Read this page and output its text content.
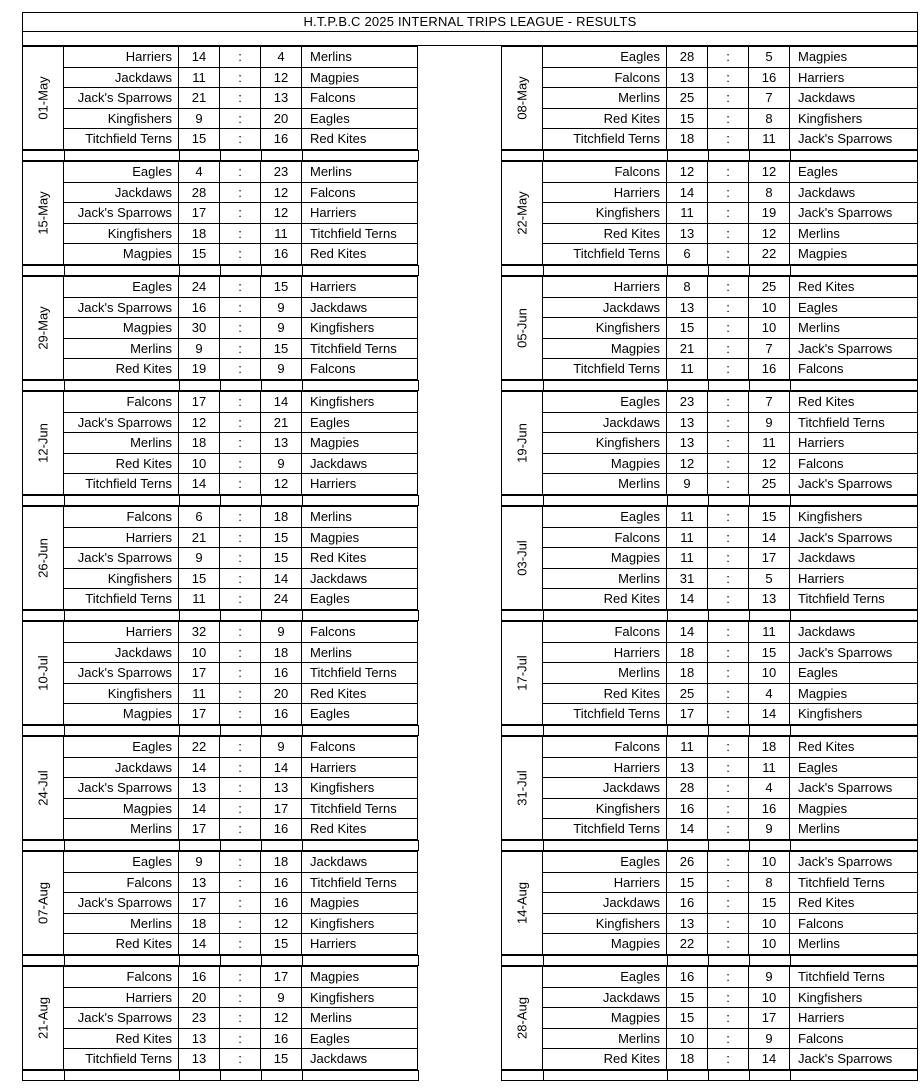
H.T.P.B.C 2025 INTERNAL TRIPS LEAGUE - RESULTS
01-May
Harriers	14	:	4	Merlins
Jackdaws	11	:	12	Magpies
Jack's Sparrows	21	:	13	Falcons
Kingfishers	9	:	20	Eagles
Titchfield Terns	15	:	16	Red Kites
08-May
Eagles	28	:	5	Magpies
Falcons	13	:	16	Harriers
Merlins	25	:	7	Jackdaws
Red Kites	15	:	8	Kingfishers
Titchfield Terns	18	:	11	Jack's Sparrows
15-May
Eagles	4	:	23	Merlins
Jackdaws	28	:	12	Falcons
Jack's Sparrows	17	:	12	Harriers
Kingfishers	18	:	11	Titchfield Terns
Magpies	15	:	16	Red Kites
22-May
Falcons	12	:	12	Eagles
Harriers	14	:	8	Jackdaws
Kingfishers	11	:	19	Jack's Sparrows
Red Kites	13	:	12	Merlins
Titchfield Terns	6	:	22	Magpies
29-May
Eagles	24	:	15	Harriers
Jack's Sparrows	16	:	9	Jackdaws
Magpies	30	:	9	Kingfishers
Merlins	9	:	15	Titchfield Terns
Red Kites	19	:	9	Falcons
05-Jun
Harriers	8	:	25	Red Kites
Jackdaws	13	:	10	Eagles
Kingfishers	15	:	10	Merlins
Magpies	21	:	7	Jack's Sparrows
Titchfield Terns	11	:	16	Falcons
12-Jun
Falcons	17	:	14	Kingfishers
Jack's Sparrows	12	:	21	Eagles
Merlins	18	:	13	Magpies
Red Kites	10	:	9	Jackdaws
Titchfield Terns	14	:	12	Harriers
19-Jun
Eagles	23	:	7	Red Kites
Jackdaws	13	:	9	Titchfield Terns
Kingfishers	13	:	11	Harriers
Magpies	12	:	12	Falcons
Merlins	9	:	25	Jack's Sparrows
26-Jun
Falcons	6	:	18	Merlins
Harriers	21	:	15	Magpies
Jack's Sparrows	9	:	15	Red Kites
Kingfishers	15	:	14	Jackdaws
Titchfield Terns	11	:	24	Eagles
03-Jul
Eagles	11	:	15	Kingfishers
Falcons	11	:	14	Jack's Sparrows
Magpies	11	:	17	Jackdaws
Merlins	31	:	5	Harriers
Red Kites	14	:	13	Titchfield Terns
10-Jul
Harriers	32	:	9	Falcons
Jackdaws	10	:	18	Merlins
Jack's Sparrows	17	:	16	Titchfield Terns
Kingfishers	11	:	20	Red Kites
Magpies	17	:	16	Eagles
17-Jul
Falcons	14	:	11	Jackdaws
Harriers	18	:	15	Jack's Sparrows
Merlins	18	:	10	Eagles
Red Kites	25	:	4	Magpies
Titchfield Terns	17	:	14	Kingfishers
24-Jul
Eagles	22	:	9	Falcons
Jackdaws	14	:	14	Harriers
Jack's Sparrows	13	:	13	Kingfishers
Magpies	14	:	17	Titchfield Terns
Merlins	17	:	16	Red Kites
31-Jul
Falcons	11	:	18	Red Kites
Harriers	13	:	11	Eagles
Jackdaws	28	:	4	Jack's Sparrows
Kingfishers	16	:	16	Magpies
Titchfield Terns	14	:	9	Merlins
07-Aug
Eagles	9	:	18	Jackdaws
Falcons	13	:	16	Titchfield Terns
Jack's Sparrows	17	:	16	Magpies
Merlins	18	:	12	Kingfishers
Red Kites	14	:	15	Harriers
14-Aug
Eagles	26	:	10	Jack's Sparrows
Harriers	15	:	8	Titchfield Terns
Jackdaws	16	:	15	Red Kites
Kingfishers	13	:	10	Falcons
Magpies	22	:	10	Merlins
21-Aug
Falcons	16	:	17	Magpies
Harriers	20	:	9	Kingfishers
Jack's Sparrows	23	:	12	Merlins
Red Kites	13	:	16	Eagles
Titchfield Terns	13	:	15	Jackdaws
28-Aug
Eagles	16	:	9	Titchfield Terns
Jackdaws	15	:	10	Kingfishers
Magpies	15	:	17	Harriers
Merlins	10	:	9	Falcons
Red Kites	18	:	14	Jack's Sparrows
